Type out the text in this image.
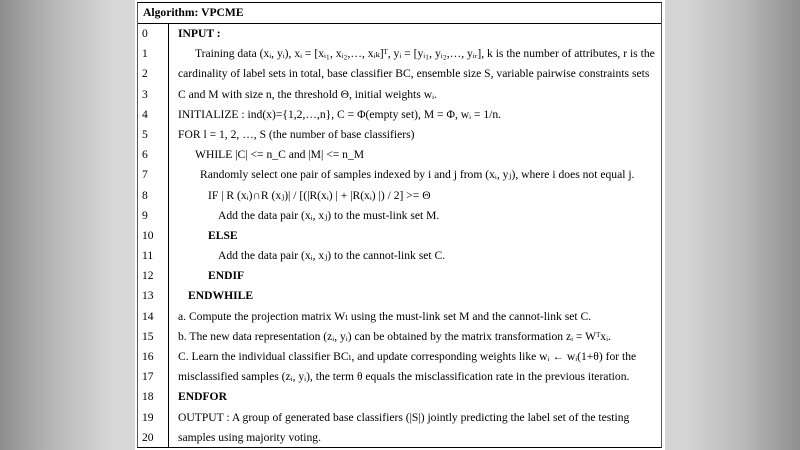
Algorithm: VPCME
0	INPUT :
1	Training data (xᵢ, yᵢ), xᵢ = [xᵢ₁, xᵢ₂,…, xᵢₖ]ᵀ, yᵢ = [yᵢ₁, yᵢ₂,…, yᵢᵣ], k is the number of attributes, r is the
2	cardinality of label sets in total, base classifier BC, ensemble size S, variable pairwise constraints sets
3	C and M with size n, the threshold Θ, initial weights wᵢ.
4	INITIALIZE : ind(x)={1,2,…,n}, C = Φ(empty set), M = Φ, wᵢ = 1/n.
5	FOR l = 1, 2, …, S (the number of base classifiers)
6	WHILE |C| <= n_C and |M| <= n_M
7	Randomly select one pair of samples indexed by i and j from (xᵢ, yⱼ), where i does not equal j.
8	IF | R (xᵢ)∩R (xⱼ)| / [(|R(xᵢ) | + |R(xᵢ) |) / 2] >= Θ
9	Add the data pair (xᵢ, xⱼ) to the must-link set M.
10	ELSE
11	Add the data pair (xᵢ, xⱼ) to the cannot-link set C.
12	ENDIF
13	ENDWHILE
14	a. Compute the projection matrix Wₗ using the must-link set M and the cannot-link set C.
15	b. The new data representation (zᵢ, yᵢ) can be obtained by the matrix transformation zᵢ = Wᵀxᵢ.
16	C. Learn the individual classifier BCₗ, and update corresponding weights like wᵢ ← wᵢ(1+θ) for the
17	misclassified samples (zᵢ, yᵢ), the term θ equals the misclassification rate in the previous iteration.
18	ENDFOR
19	OUTPUT : A group of generated base classifiers (|S|) jointly predicting the label set of the testing
20	samples using majority voting.
